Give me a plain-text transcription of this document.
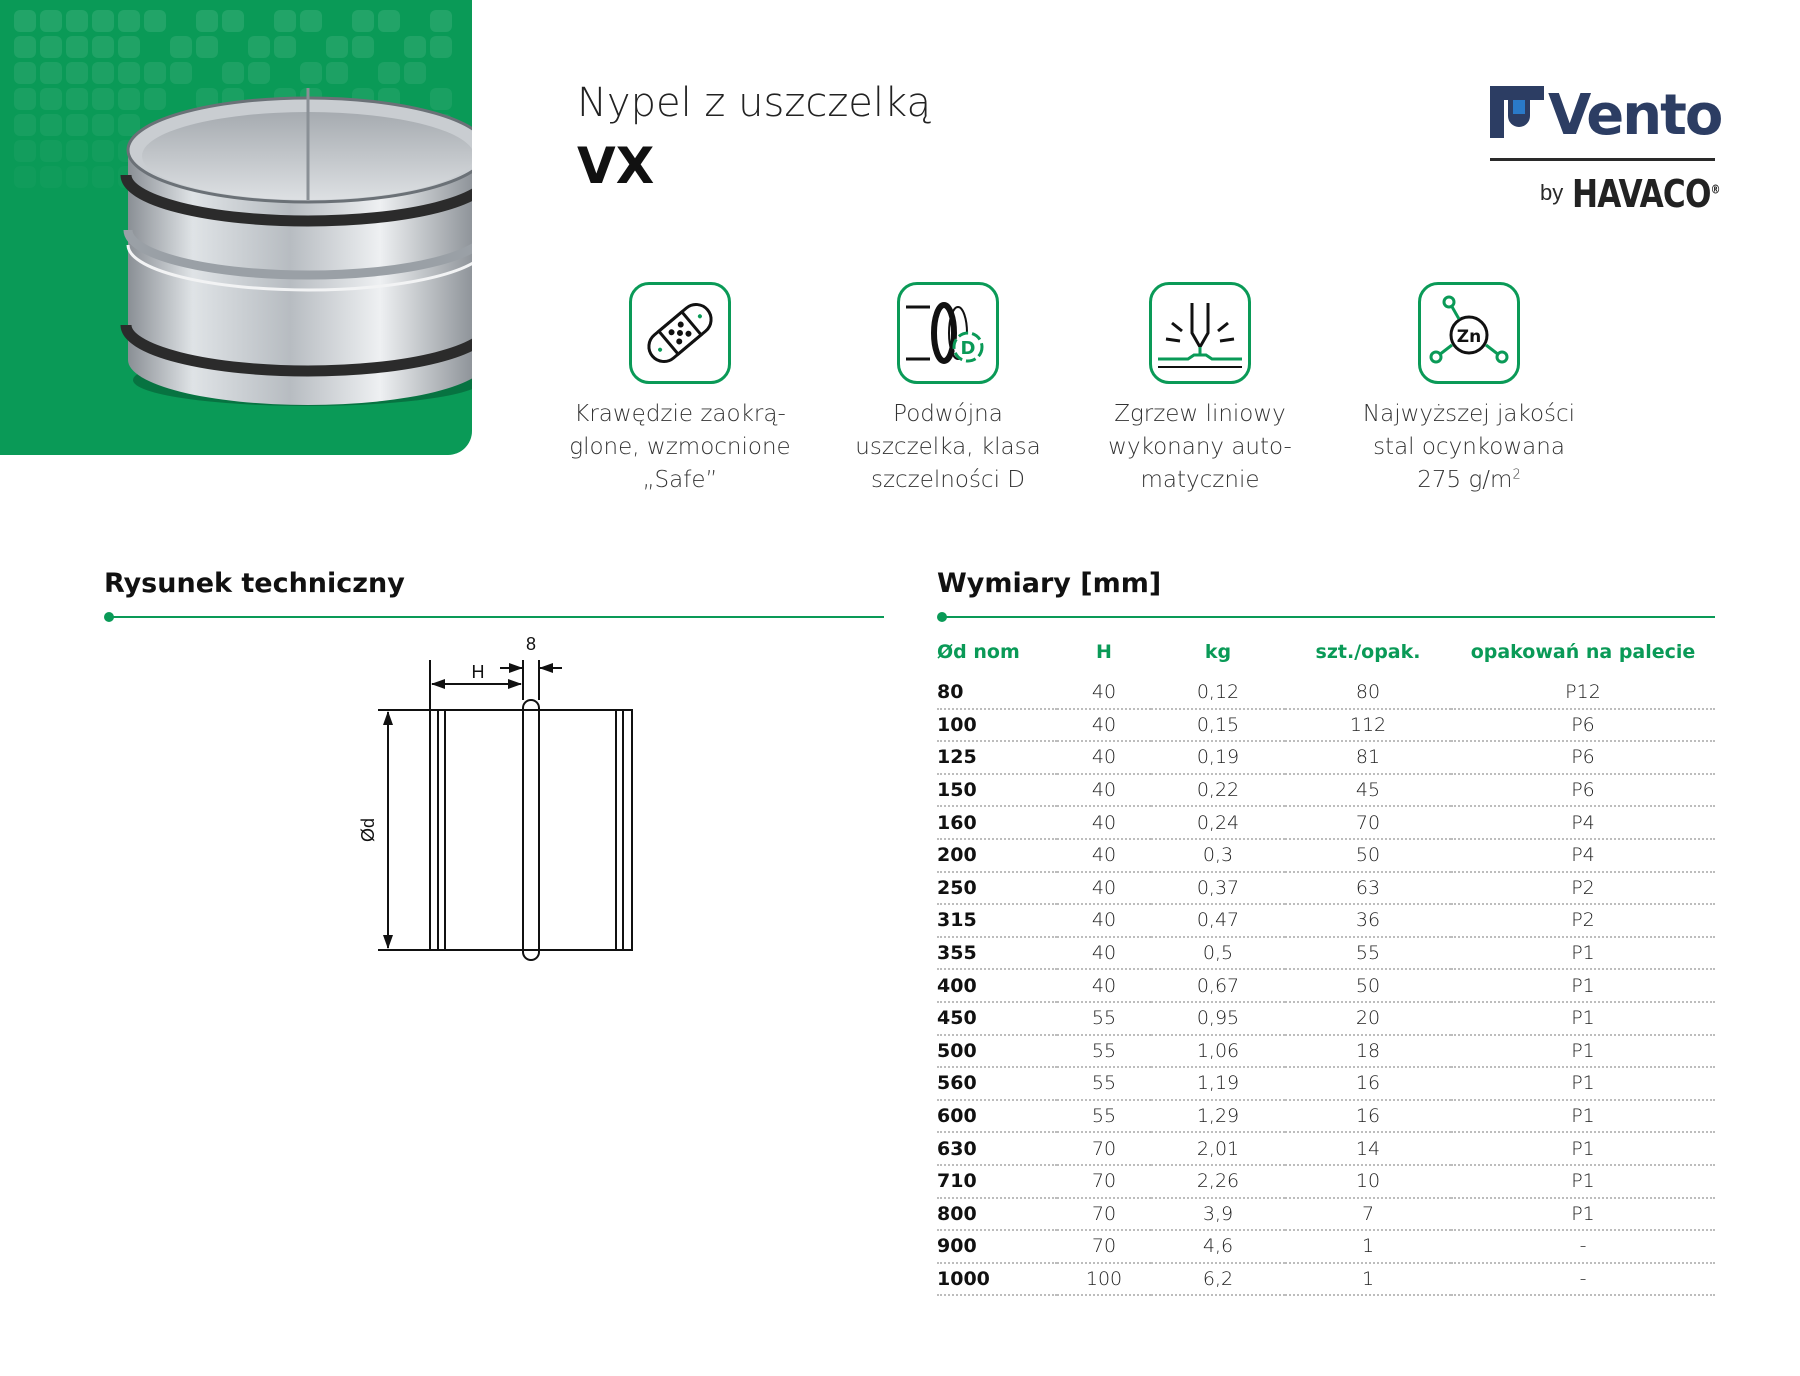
Nypel z uszczelką
VX
Vento
by HAVACO®
Krawędzie zaokrą-
glone, wzmocnione
„Safe”
D
Podwójna
uszczelka, klasa
szczelności D
Zgrzew liniowy
wykonany auto-
matycznie
Zn
Najwyższej jakości
stal ocynkowana
275 $g/m^2$
Rysunek techniczny
H
8
Ød
Wymiary [mm]
Ød nom	H	kg	szt./opak.	opakowań na palecie
80	40	0,12	80	P12
100	40	0,15	112	P6
125	40	0,19	81	P6
150	40	0,22	45	P6
160	40	0,24	70	P4
200	40	0,3	50	P4
250	40	0,37	63	P2
315	40	0,47	36	P2
355	40	0,5	55	P1
400	40	0,67	50	P1
450	55	0,95	20	P1
500	55	1,06	18	P1
560	55	1,19	16	P1
600	55	1,29	16	P1
630	70	2,01	14	P1
710	70	2,26	10	P1
800	70	3,9	7	P1
900	70	4,6	1	-
1000	100	6,2	1	-
